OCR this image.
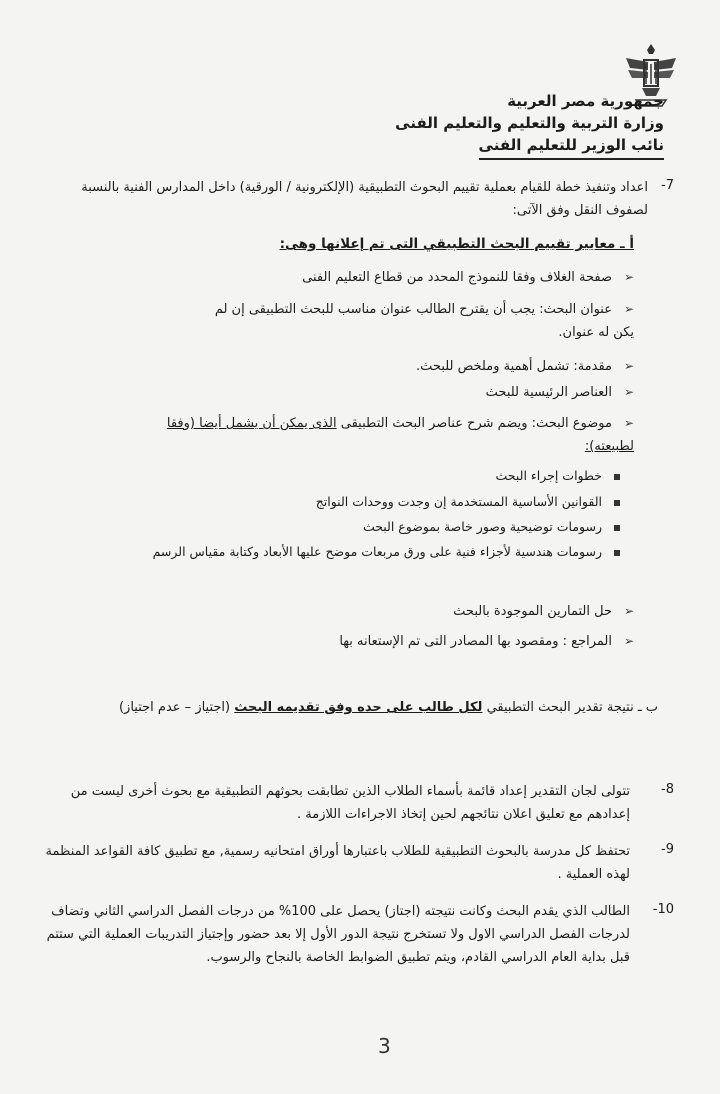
جمهورية مصر العربية
وزارة التربية والتعليم والتعليم الفنى
نائب الوزير للتعليم الفنى
7-
اعداد وتنفيذ خطة للقيام بعملية تقييم البحوث التطبيقية (الإلكترونية / الورقية) داخل المدارس الفنية بالنسبة لصفوف النقل وفق الآتى:
أ ـ معايير تقييم البحث التطبيقي التى تم إعلانها وهى:
➢صفحة الغلاف وفقا للنموذج المحدد من قطاع التعليم الفنى
➢عنوان البحث: يجب أن يقترح الطالب عنوان مناسب للبحث التطبيقى إن لم يكن له عنوان.
➢مقدمة: تشمل أهمية وملخص للبحث.
➢العناصر الرئيسية للبحث
➢موضوع البحث: ويضم شرح عناصر البحث التطبيقى الذى يمكن أن يشمل أيضا (وفقا لطبيعته):
خطوات إجراء البحث
القوانين الأساسية المستخدمة إن وجدت ووحدات النواتج
رسومات توضيحية وصور خاصة بموضوع البحث
رسومات هندسية لأجزاء فنية على ورق مربعات موضح عليها الأبعاد وكتابة مقياس الرسم
➢حل التمارين الموجودة بالبحث
➢المراجع : ومقصود بها المصادر التى تم الإستعانه بها
ب ـ نتيجة تقدير البحث التطبيقي لكل طالب على حده وفق تقديمه البحث (اجتياز – عدم اجتياز)
8-
تتولى لجان التقدير إعداد قائمة بأسماء الطلاب الذين تطابقت بحوثهم التطبيقية مع بحوث أخرى ليست من إعدادهم مع تعليق اعلان نتائجهم لحين إتخاذ الاجراءات اللازمة .
9-
تحتفظ كل مدرسة بالبحوث التطبيقية للطلاب باعتبارها أوراق امتحانيه رسمية, مع تطبيق كافة القواعد المنظمة لهذه العملية .
10-
الطالب الذي يقدم البحث وكانت نتيجته (اجتاز) يحصل على 100% من درجات الفصل الدراسي الثاني وتضاف لدرجات الفصل الدراسي الاول ولا تستخرج نتيجة الدور الأول إلا بعد حضور وإجتياز التدريبات العملية التي ستتم قبل بداية العام الدراسي القادم، ويتم تطبيق الضوابط الخاصة بالنجاح والرسوب.
3
